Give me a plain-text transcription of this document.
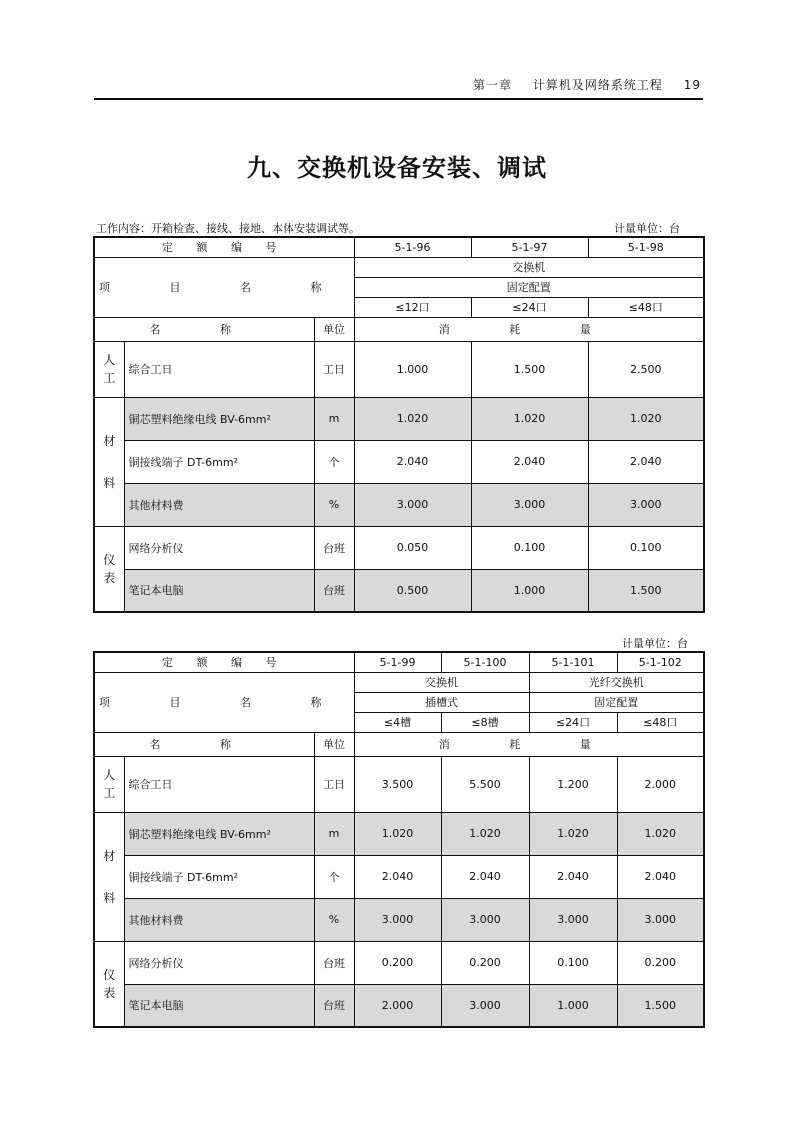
第一章 计算机及网络系统工程 19
九、交换机设备安装、调试
工作内容：开箱检查、接线、接地、本体安装调试等。	计量单位：台
定 额 编 号			5-1-96	5-1-97	5-1-98
项 目 名 称			交换机		
			固定配置		
			≤12口	≤24口	≤48口
名 称		单位	消 耗 量		

人
工	综合工日	工日	1.000	1.500	2.500

材
料	铜芯塑料绝缘电线 BV-6mm²	m	1.020	1.020	1.020
	铜接线端子 DT-6mm²	个	2.040	2.040	2.040
	其他材料费	%	3.000	3.000	3.000

仪
表	网络分析仪	台班	0.050	0.100	0.100
	笔记本电脑	台班	0.500	1.000	1.500
计量单位：台
定 额 编 号			5-1-99	5-1-100	5-1-101	5-1-102
项 目 名 称			交换机		光纤交换机	
			插槽式		固定配置	
			≤4槽	≤8槽	≤24口	≤48口
名 称		单位	消 耗 量			

人
工	综合工日	工日	3.500	5.500	1.200	2.000

材
料	铜芯塑料绝缘电线 BV-6mm²	m	1.020	1.020	1.020	1.020
	铜接线端子 DT-6mm²	个	2.040	2.040	2.040	2.040
	其他材料费	%	3.000	3.000	3.000	3.000

仪
表	网络分析仪	台班	0.200	0.200	0.100	0.200
	笔记本电脑	台班	2.000	3.000	1.000	1.500
